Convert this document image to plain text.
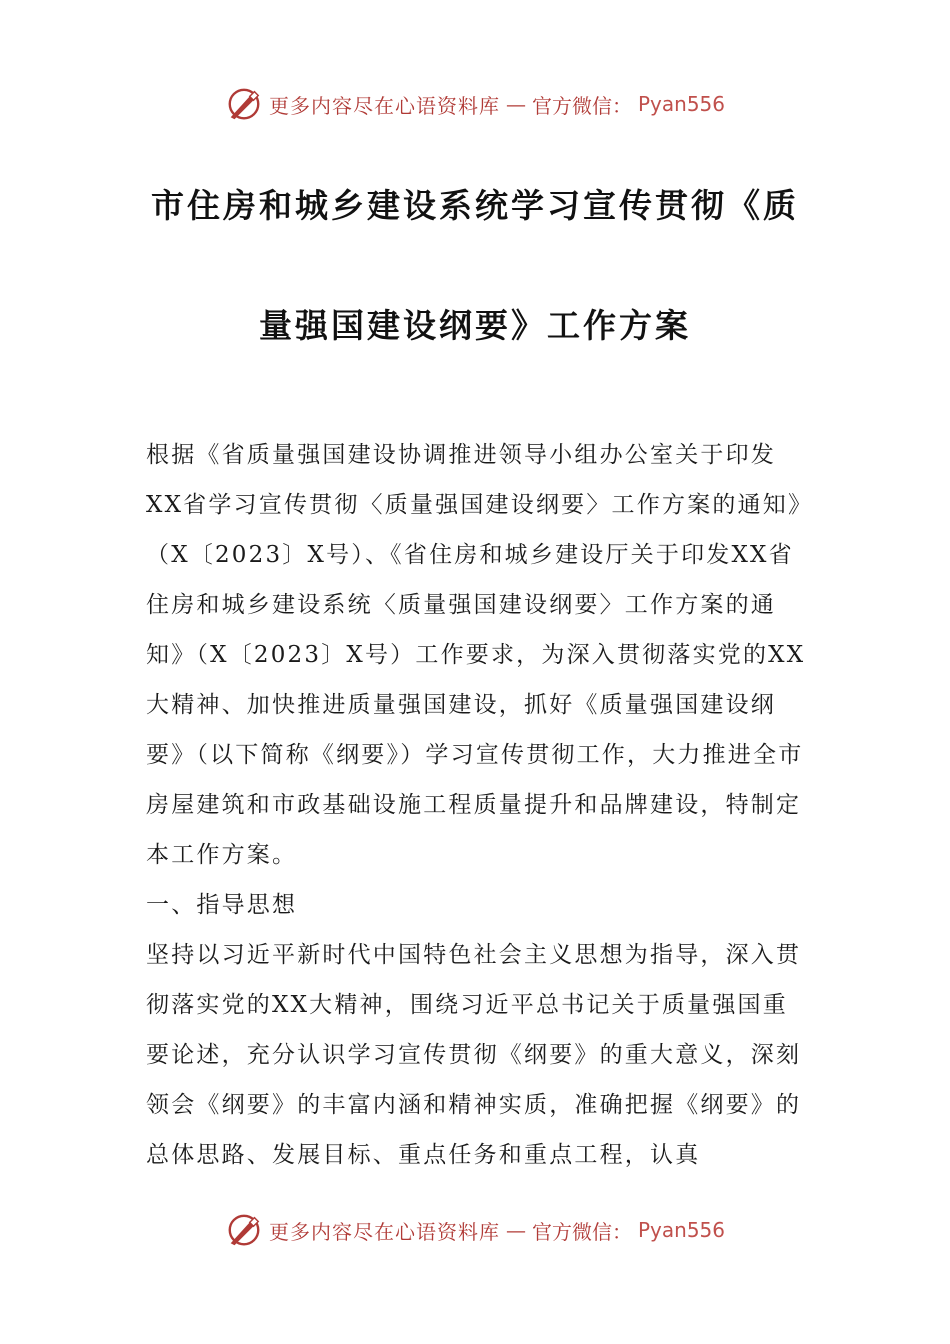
更多内容尽在心语资料库 — 官方微信： Pyan556
市住房和城乡建设系统学习宣传贯彻《质
量强国建设纲要》工作方案

根据《省质量强国建设协调推进领导小组办公室关于印发XX省学习宣传贯彻〈质量强国建设纲要〉工作方案的通知》（X〔2023〕X号）、《省住房和城乡建设厅关于印发XX省住房和城乡建设系统〈质量强国建设纲要〉工作方案的通知》（X〔2023〕X号）工作要求，为深入贯彻落实党的XX大精神、加快推进质量强国建设，抓好《质量强国建设纲要》（以下简称《纲要》）学习宣传贯彻工作，大力推进全市房屋建筑和市政基础设施工程质量提升和品牌建设，特制定本工作方案。

一、指导思想

坚持以习近平新时代中国特色社会主义思想为指导，深入贯彻落实党的XX大精神，围绕习近平总书记关于质量强国重要论述，充分认识学习宣传贯彻《纲要》的重大意义，深刻领会《纲要》的丰富内涵和精神实质，准确把握《纲要》的总体思路、发展目标、重点任务和重点工程，认真

更多内容尽在心语资料库 — 官方微信： Pyan556
